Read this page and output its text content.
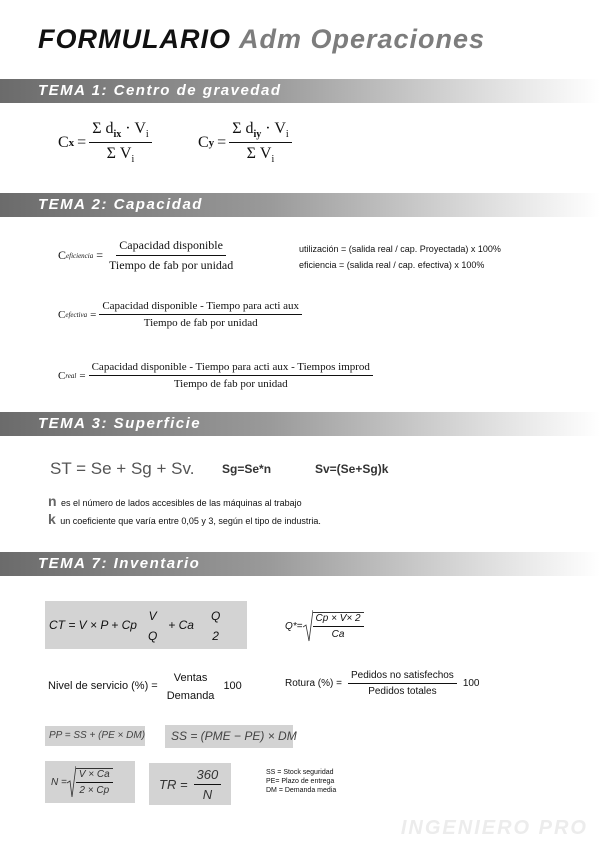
FORMULARIO Adm Operaciones
TEMA 1: Centro de gravedad
C $x = \frac{\Sigma d_{ix} \cdot V_i}{\Sigma V_i}$	C $y = \frac{\Sigma d_{iy} \cdot V_i}{\Sigma V_i}$
TEMA 2: Capacidad
C eficiencia = $\frac{\text{Capacidad disponible}}{\text{Tiempo de fab por unidad}}$	utilización = (salida real / cap. Proyectada) x 100%
eficiencia = (salida real / cap. efectiva) x 100%
C efectiva = $\frac{\text{Capacidad disponible - Tiempo para acti aux}}{\text{Tiempo de fab por unidad}}$
C real = $\frac{\text{Capacidad disponible - Tiempo para acti aux - Tiempos improd}}{\text{Tiempo de fab por unidad}}$
TEMA 3: Superficie
ST = Se + Sg + Sv. Sg=Se*n	Sv=(Se+Sg)k
n es el número de lados accesibles de las máquinas al trabajo
k un coeficiente que varía entre 0,05 y 3, según el tipo de industria.
TEMA 7: Inventario
CT = V × P + Cp
V
Q
+ Ca
Q
2
$Q*= \frac{Cp \times V\times 2}{Ca}$
Nivel de servicio (%) =
Ventas
Demanda
100	Rotura (%) = $\frac{\text{Pedidos no satisfechos}}{\text{Pedidos totales}} 100$
PP = SS + (PE × DM)	SS = (PME − PE) × DM
$N = \frac{V \times Ca}{2 \times Cp}$	TR = $\frac{360}{N}$	SS = Stock seguridad
PE= Plazo de entrega
DM = Demanda media
INGENIERO PRO
